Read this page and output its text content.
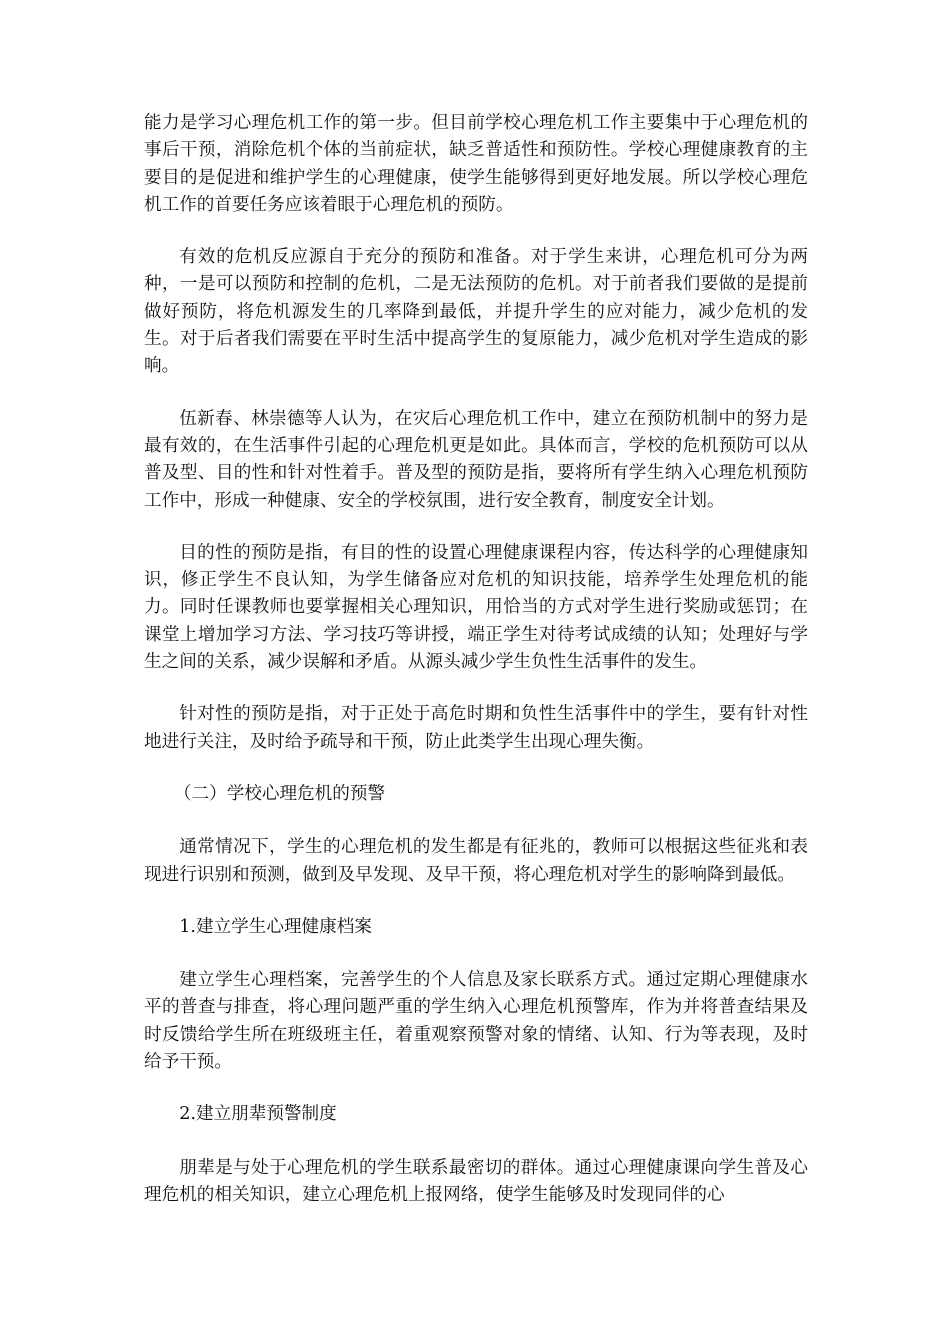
能力是学习心理危机工作的第一步。但目前学校心理危机工作主要集中于心理危机的事后干预，消除危机个体的当前症状，缺乏普适性和预防性。学校心理健康教育的主要目的是促进和维护学生的心理健康，使学生能够得到更好地发展。所以学校心理危机工作的首要任务应该着眼于心理危机的预防。

有效的危机反应源自于充分的预防和准备。对于学生来讲，心理危机可分为两种，一是可以预防和控制的危机，二是无法预防的危机。对于前者我们要做的是提前做好预防，将危机源发生的几率降到最低，并提升学生的应对能力，减少危机的发生。对于后者我们需要在平时生活中提高学生的复原能力，减少危机对学生造成的影响。

伍新春、林崇德等人认为，在灾后心理危机工作中，建立在预防机制中的努力是最有效的，在生活事件引起的心理危机更是如此。具体而言，学校的危机预防可以从普及型、目的性和针对性着手。普及型的预防是指，要将所有学生纳入心理危机预防工作中，形成一种健康、安全的学校氛围，进行安全教育，制度安全计划。

目的性的预防是指，有目的性的设置心理健康课程内容，传达科学的心理健康知识，修正学生不良认知，为学生储备应对危机的知识技能，培养学生处理危机的能力。同时任课教师也要掌握相关心理知识，用恰当的方式对学生进行奖励或惩罚；在课堂上增加学习方法、学习技巧等讲授，端正学生对待考试成绩的认知；处理好与学生之间的关系，减少误解和矛盾。从源头减少学生负性生活事件的发生。

针对性的预防是指，对于正处于高危时期和负性生活事件中的学生，要有针对性地进行关注，及时给予疏导和干预，防止此类学生出现心理失衡。

（二）学校心理危机的预警

通常情况下，学生的心理危机的发生都是有征兆的，教师可以根据这些征兆和表现进行识别和预测，做到及早发现、及早干预，将心理危机对学生的影响降到最低。

1.建立学生心理健康档案

建立学生心理档案，完善学生的个人信息及家长联系方式。通过定期心理健康水平的普查与排查，将心理问题严重的学生纳入心理危机预警库，作为并将普查结果及时反馈给学生所在班级班主任，着重观察预警对象的情绪、认知、行为等表现，及时给予干预。

2.建立朋辈预警制度

朋辈是与处于心理危机的学生联系最密切的群体。通过心理健康课向学生普及心理危机的相关知识，建立心理危机上报网络，使学生能够及时发现同伴的心
